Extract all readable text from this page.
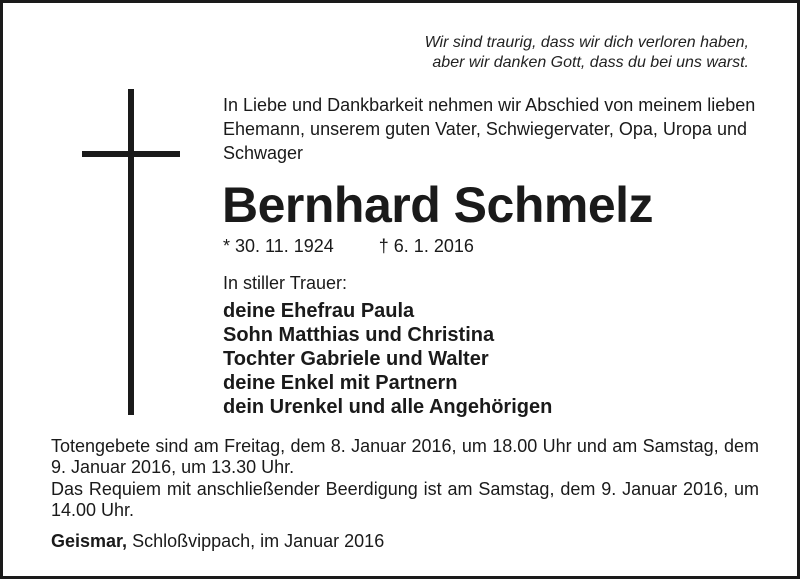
Wir sind traurig, dass wir dich verloren haben,
aber wir danken Gott, dass du bei uns warst.
In Liebe und Dankbarkeit nehmen wir Abschied von meinem lieben Ehemann, unserem guten Vater, Schwiegervater, Opa, Uropa und Schwager
Bernhard Schmelz
* 30. 11. 1924	† 6. 1. 2016
In stiller Trauer:
deine Ehefrau Paula
Sohn Matthias und Christina
Tochter Gabriele und Walter
deine Enkel mit Partnern
dein Urenkel und alle Angehörigen
Totengebete sind am Freitag, dem 8. Januar 2016, um 18.00 Uhr und am Samstag, dem 9. Januar 2016, um 13.30 Uhr.
Das Requiem mit anschließender Beerdigung ist am Samstag, dem 9. Januar 2016, um 14.00 Uhr.
Geismar, Schloßvippach, im Januar 2016
